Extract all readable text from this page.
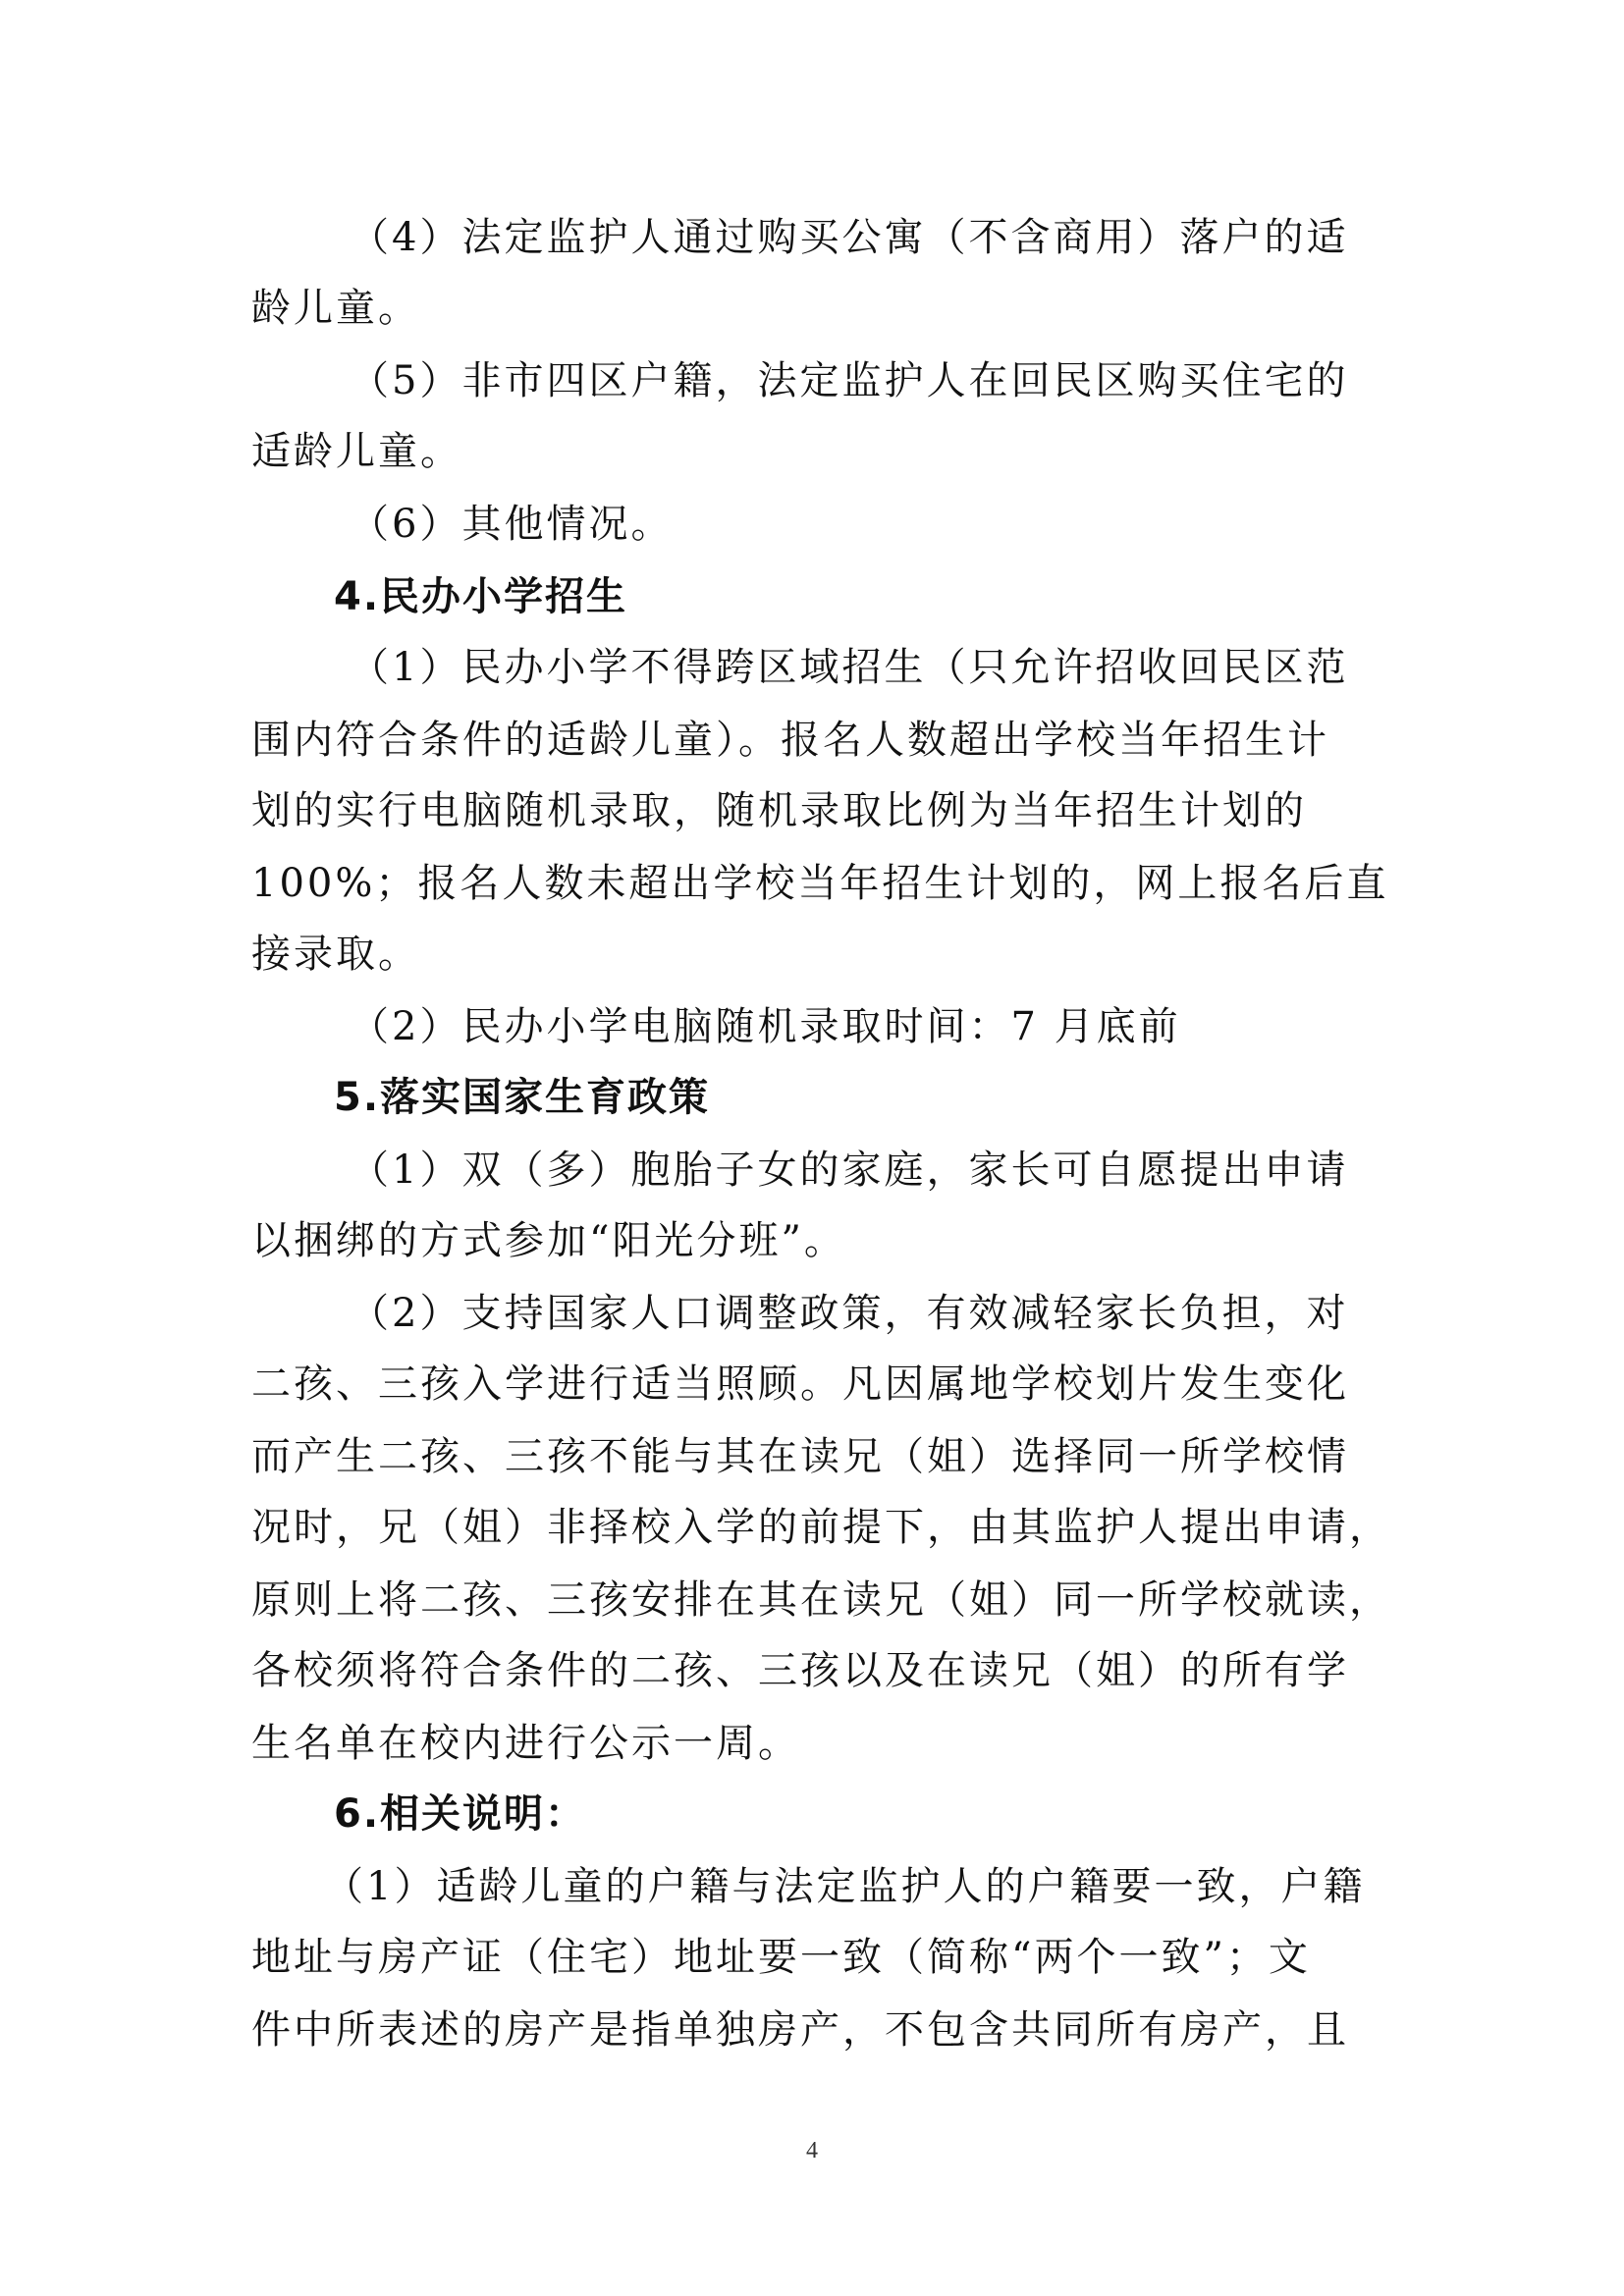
（4）法定监护人通过购买公寓（不含商用）落户的适
龄儿童。
（5）非市四区户籍，法定监护人在回民区购买住宅的
适龄儿童。
（6）其他情况。
4.民办小学招生
（1）民办小学不得跨区域招生（只允许招收回民区范
围内符合条件的适龄儿童）。报名人数超出学校当年招生计
划的实行电脑随机录取，随机录取比例为当年招生计划的
100%；报名人数未超出学校当年招生计划的，网上报名后直
接录取。
（2）民办小学电脑随机录取时间：7 月底前
5.落实国家生育政策
（1）双（多）胞胎子女的家庭，家长可自愿提出申请
以捆绑的方式参加“阳光分班”。
（2）支持国家人口调整政策，有效减轻家长负担，对
二孩、三孩入学进行适当照顾。凡因属地学校划片发生变化
而产生二孩、三孩不能与其在读兄（姐）选择同一所学校情
况时，兄（姐）非择校入学的前提下，由其监护人提出申请，
原则上将二孩、三孩安排在其在读兄（姐）同一所学校就读，
各校须将符合条件的二孩、三孩以及在读兄（姐）的所有学
生名单在校内进行公示一周。
6.相关说明：
（1）适龄儿童的户籍与法定监护人的户籍要一致，户籍
地址与房产证（住宅）地址要一致（简称“两个一致”；文
件中所表述的房产是指单独房产，不包含共同所有房产，且
4
